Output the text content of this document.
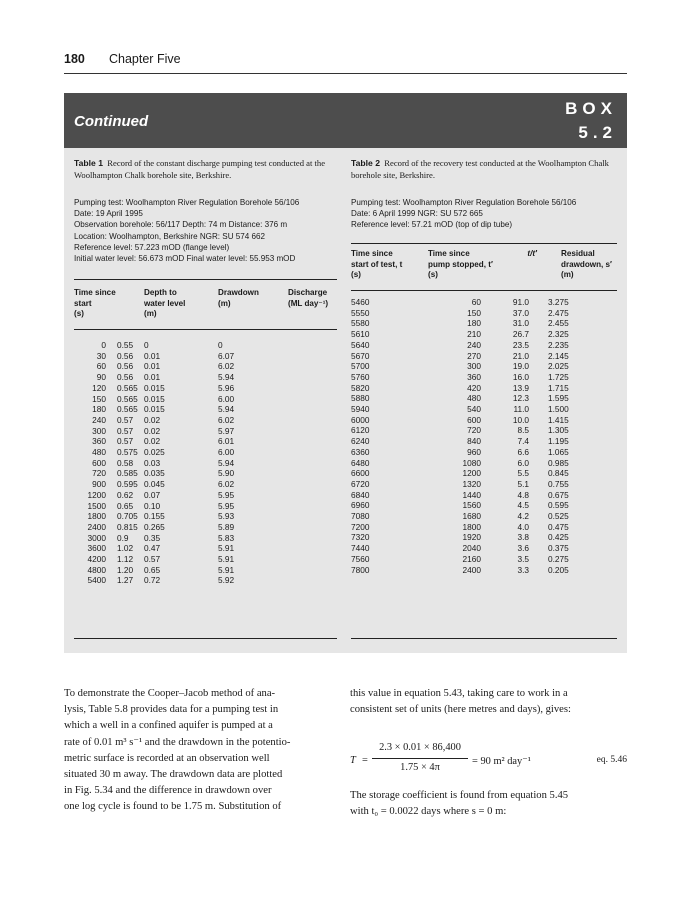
180 Chapter Five
Continued
BOX
5.2
Table 1 Record of the constant discharge pumping test conducted at the Woolhampton Chalk borehole site, Berkshire.
Pumping test: Woolhampton River Regulation Borehole 56/106
Date: 19 April 1995
Observation borehole: 56/117 Depth: 74 m Distance: 376 m
Location: Woolhampton, Berkshire NGR: SU 574 662
Reference level: 57.223 mOD (flange level)
Initial water level: 56.673 mOD Final water level: 55.953 mOD
Time since
start
(s)
Depth to
water level
(m)
Drawdown
(m)
Discharge
(ML day⁻¹)
0	0.55	0	0
30	0.56	0.01	6.07
60	0.56	0.01	6.02
90	0.56	0.01	5.94
120	0.565	0.015	5.96
150	0.565	0.015	6.00
180	0.565	0.015	5.94
240	0.57	0.02	6.02
300	0.57	0.02	5.97
360	0.57	0.02	6.01
480	0.575	0.025	6.00
600	0.58	0.03	5.94
720	0.585	0.035	5.90
900	0.595	0.045	6.02
1200	0.62	0.07	5.95
1500	0.65	0.10	5.95
1800	0.705	0.155	5.93
2400	0.815	0.265	5.89
3000	0.9	0.35	5.83
3600	1.02	0.47	5.91
4200	1.12	0.57	5.91
4800	1.20	0.65	5.91
5400	1.27	0.72	5.92
Table 2 Record of the recovery test conducted at the Woolhampton Chalk borehole site, Berkshire.
Pumping test: Woolhampton River Regulation Borehole 56/106
Date: 6 April 1999 NGR: SU 572 665
Reference level: 57.21 mOD (top of dip tube)
Time since
start of test, t
(s)
Time since
pump stopped, t′
(s)
t/t′	Residual
drawdown, s′
(m)
5460	60	91.0		3.275
5550	150	37.0		2.475
5580	180	31.0		2.455
5610	210	26.7		2.325
5640	240	23.5		2.235
5670	270	21.0		2.145
5700	300	19.0		2.025
5760	360	16.0		1.725
5820	420	13.9		1.715
5880	480	12.3		1.595
5940	540	11.0		1.500
6000	600	10.0		1.415
6120	720	8.5		1.305
6240	840	7.4		1.195
6360	960	6.6		1.065
6480	1080	6.0		0.985
6600	1200	5.5		0.845
6720	1320	5.1		0.755
6840	1440	4.8		0.675
6960	1560	4.5		0.595
7080	1680	4.2		0.525
7200	1800	4.0		0.475
7320	1920	3.8		0.425
7440	2040	3.6		0.375
7560	2160	3.5		0.275
7800	2400	3.3		0.205
To demonstrate the Cooper–Jacob method of ana-
lysis, Table 5.8 provides data for a pumping test in
which a well in a confined aquifer is pumped at a
rate of 0.01 m³ s⁻¹ and the drawdown in the potentio-
metric surface is recorded at an observation well
situated 30 m away. The drawdown data are plotted
in Fig. 5.34 and the difference in drawdown over
one log cycle is found to be 1.75 m. Substitution of
this value in equation 5.43, taking care to work in a
consistent set of units (here metres and days), gives:
T =
2.3 × 0.01 × 86,400
1.75 × 4π
= 90 m² day⁻¹	eq. 5.46
The storage coefficient is found from equation 5.45
with t₀ = 0.0022 days where s = 0 m:
